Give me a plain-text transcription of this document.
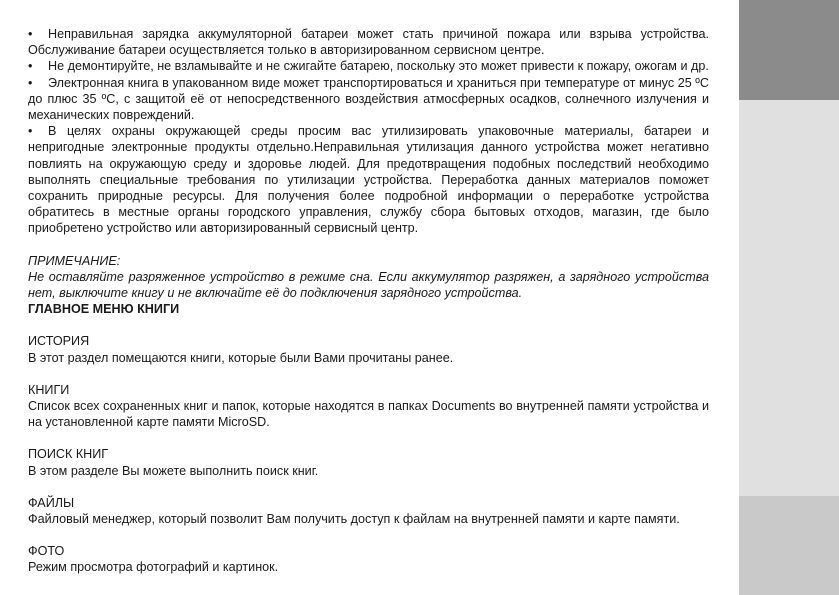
• Неправильная зарядка аккумуляторной батареи может стать причиной пожара или взрыва устройства. Обслуживание батареи осуществляется только в авторизированном сервисном центре.

• Не демонтируйте, не взламывайте и не сжигайте батарею, поскольку это может привести к пожару, ожогам и др.

• Электронная книга в упакованном виде может транспортироваться и храниться при температуре от минус 25 ºС до плюс 35 ºС, с защитой её от непосредственного воздействия атмосферных осадков, солнечного излучения и механических повреждений.

• В целях охраны окружающей среды просим вас утилизировать упаковочные материалы, батареи и непригодные электронные продукты отдельно.Неправильная утилизация данного устройства может негативно повлиять на окружающую среду и здоровье людей. Для предотвращения подобных последствий необходимо выполнять специальные требования по утилизации устройства. Переработка данных материалов поможет сохранить природные ресурсы. Для получения более подробной информации о переработке устройства обратитесь в местные органы городского управления, службу сбора бытовых отходов, магазин, где было приобретено устройство или авторизированный сервисный центр.

ПРИМЕЧАНИЕ:

Не оставляйте разряженное устройство в режиме сна. Если аккумулятор разряжен, а зарядного устройства нет, выключите книгу и не включайте её до подключения зарядного устройства.

ГЛАВНОЕ МЕНЮ КНИГИ

ИСТОРИЯ

В этот раздел помещаются книги, которые были Вами прочитаны ранее.

КНИГИ

Список всех сохраненных книг и папок, которые находятся в папках Documents во внутренней памяти устройства и на установленной карте памяти MicroSD.

ПОИСК КНИГ

В этом разделе Вы можете выполнить поиск книг.

ФАЙЛЫ

Файловый менеджер, который позволит Вам получить доступ к файлам на внутренней памяти и карте памяти.

ФОТО

Режим просмотра фотографий и картинок.
